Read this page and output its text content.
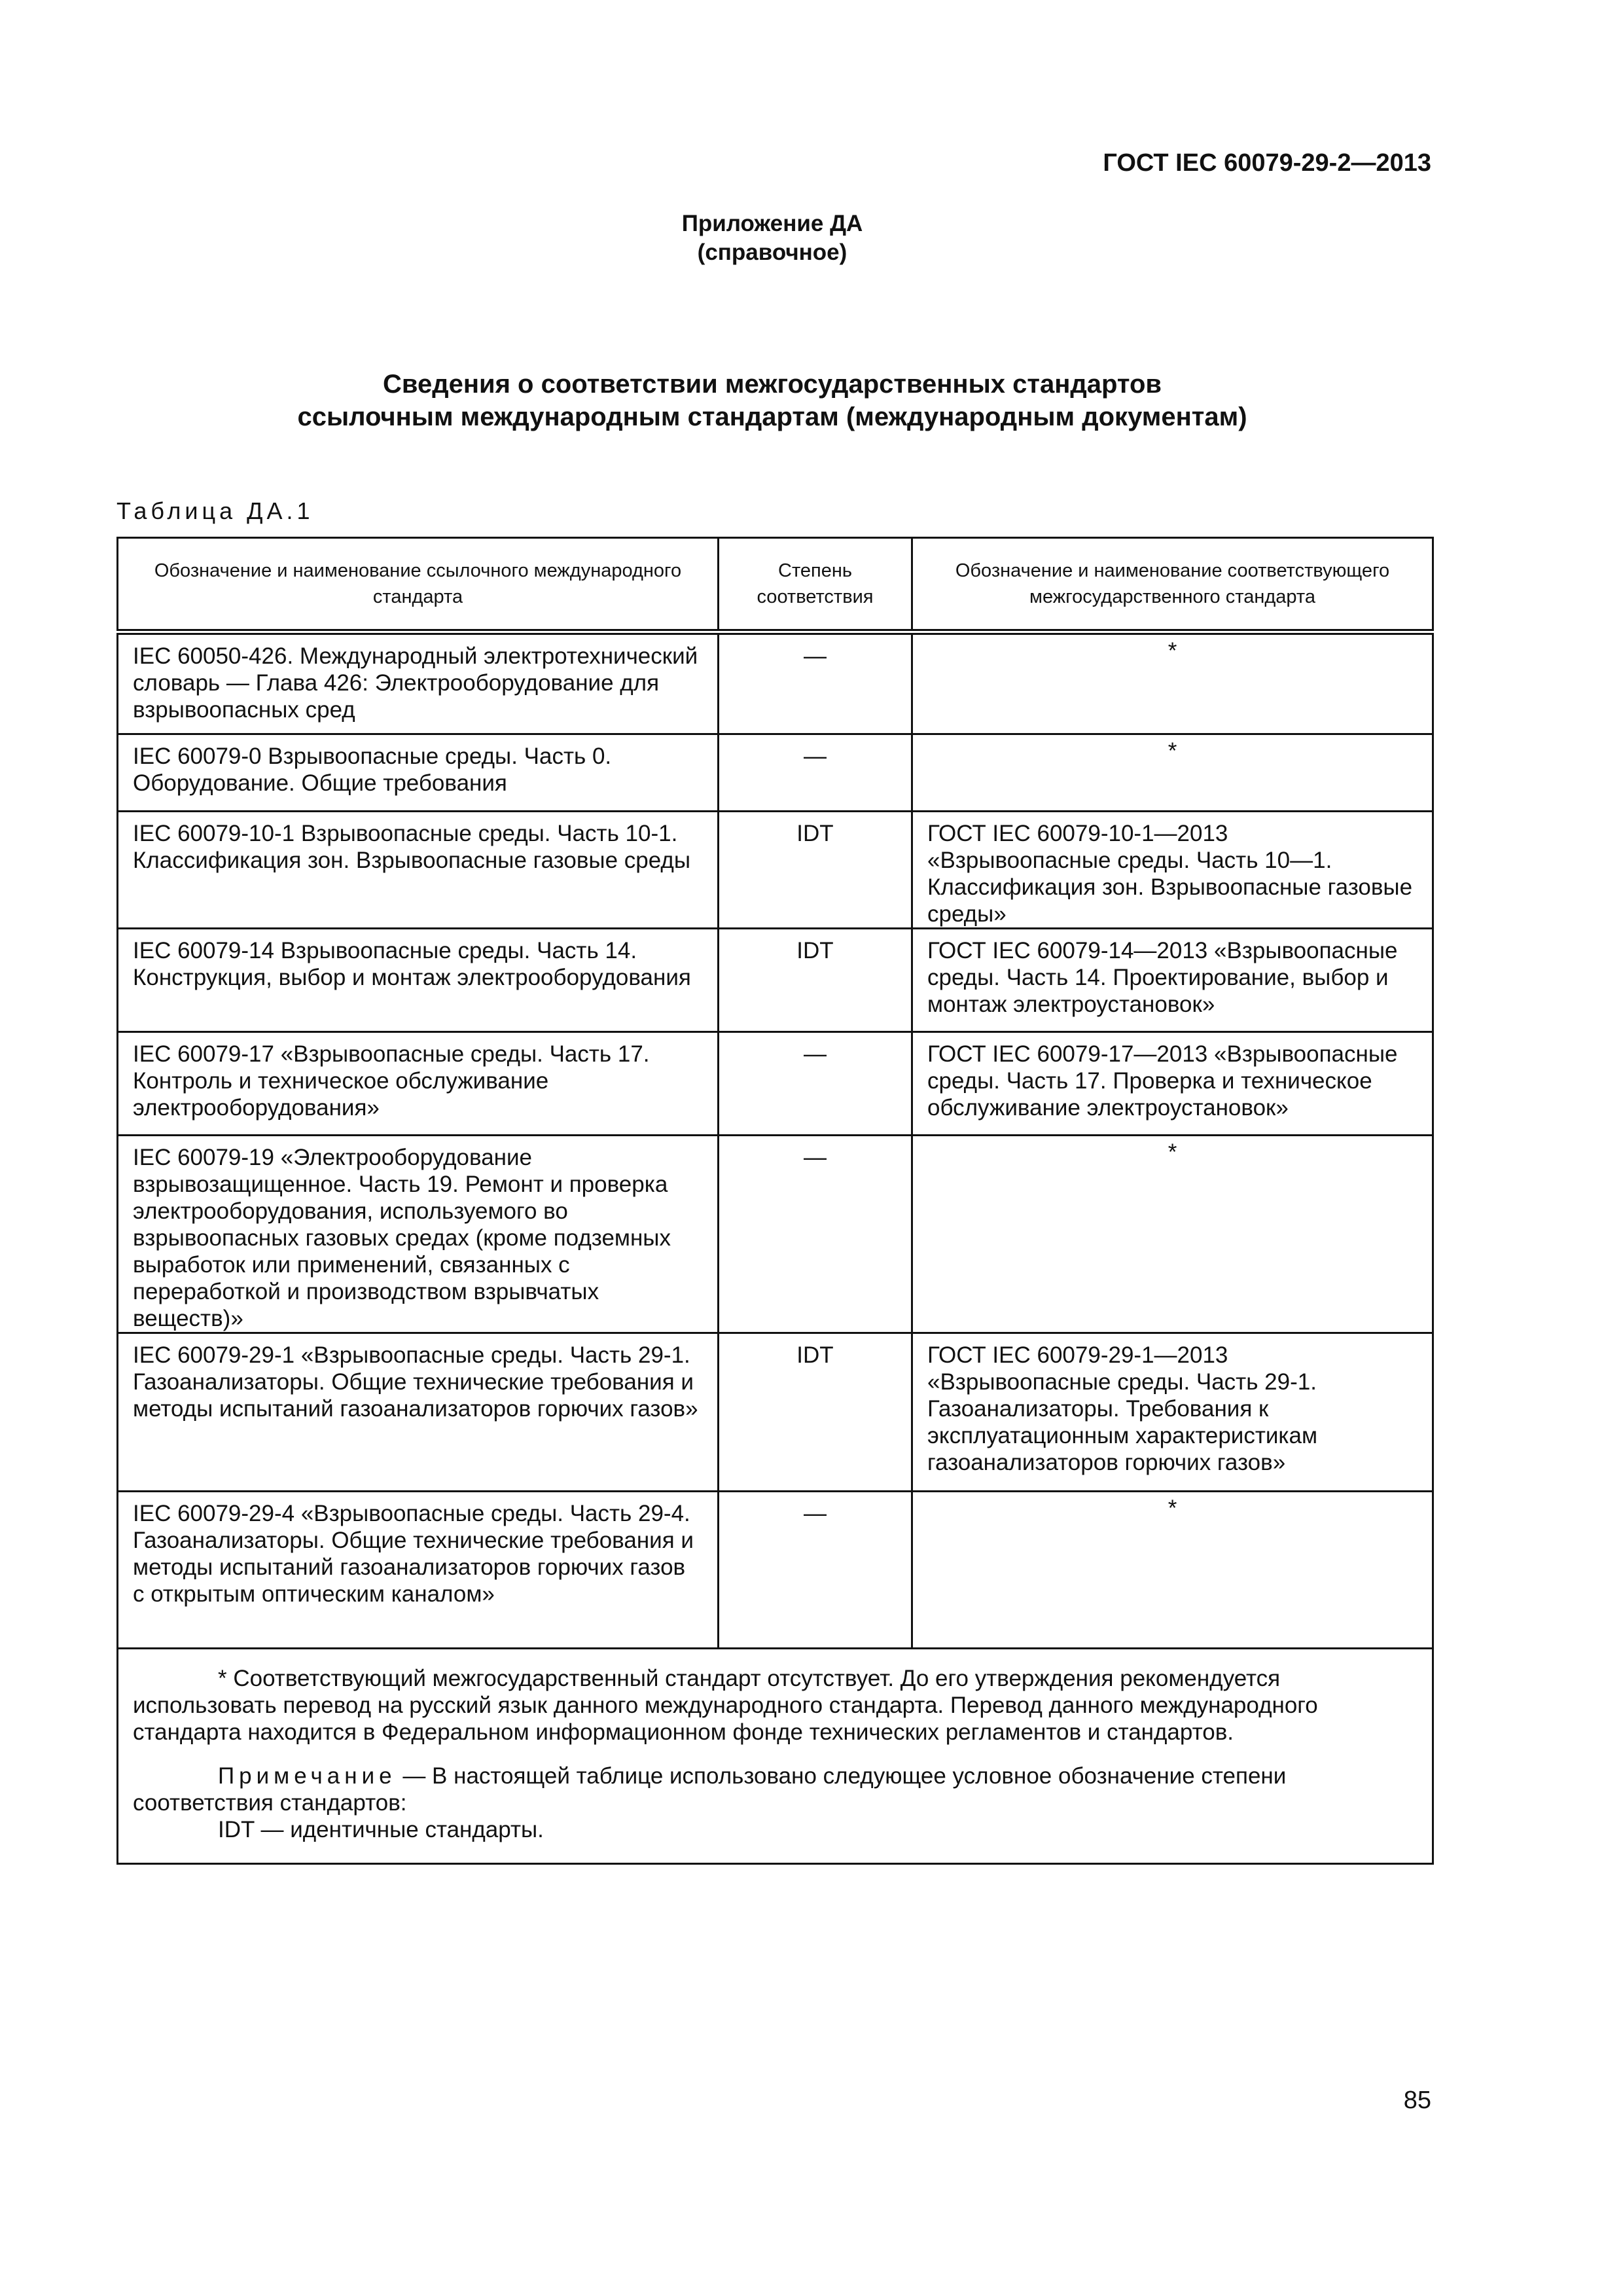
ГОСТ IEC 60079-29-2—2013
Приложение ДА
(справочное)
Сведения о соответствии межгосударственных стандартов
ссылочным международным стандартам (международным документам)
Таблица ДА.1
Обозначение и наименование ссылочного международного стандарта	Степень соответствия	Обозначение и наименование соответствующего межгосударственного стандарта
IEC 60050-426. Международный электротехнический словарь — Глава 426: Электрооборудование для взрывоопасных сред	—	*
IEC 60079-0 Взрывоопасные среды. Часть 0. Оборудование. Общие требования	—	*
IEC 60079-10-1 Взрывоопасные среды. Часть 10-1. Классификация зон. Взрывоопасные газовые среды	IDT	ГОСТ IEC 60079-10-1—2013 «Взрывоопасные среды. Часть 10—1. Классификация зон. Взрывоопасные газовые среды»
IEC 60079-14 Взрывоопасные среды. Часть 14. Конструкция, выбор и монтаж электрооборудования	IDT	ГОСТ IEC 60079-14—2013 «Взрывоопасные среды. Часть 14. Проектирование, выбор и монтаж электроустановок»
IEC 60079-17 «Взрывоопасные среды. Часть 17. Контроль и техническое обслуживание электрооборудования»	—	ГОСТ IEC 60079-17—2013 «Взрывоопасные среды. Часть 17. Проверка и техническое обслуживание электроустановок»
IEC 60079-19 «Электрооборудование взрывозащищенное. Часть 19. Ремонт и проверка электрооборудования, используемого во взрывоопасных газовых средах (кроме подземных выработок или применений, связанных с переработкой и производством взрывчатых веществ)»	—	*
IEC 60079-29-1 «Взрывоопасные среды. Часть 29-1. Газоанализаторы. Общие технические требования и методы испытаний газоанализаторов горючих газов»	IDT	ГОСТ IEC 60079-29-1—2013 «Взрывоопасные среды. Часть 29-1. Газоанализаторы. Требования к эксплуатационным характеристикам газоанализаторов горючих газов»
IEC 60079-29-4 «Взрывоопасные среды. Часть 29-4. Газоанализаторы. Общие технические требования и методы испытаний газоанализаторов горючих газов с открытым оптическим каналом»	—	*

* Соответствующий межгосударственный стандарт отсутствует. До его утверждения рекомендуется использовать перевод на русский язык данного международного стандарта. Перевод данного международного стандарта находится в Федеральном информационном фонде технических регламентов и стандартов.

Примечание — В настоящей таблице использовано следующее условное обозначение степени соответствия стандартов:

IDT — идентичные стандарты.		

85
